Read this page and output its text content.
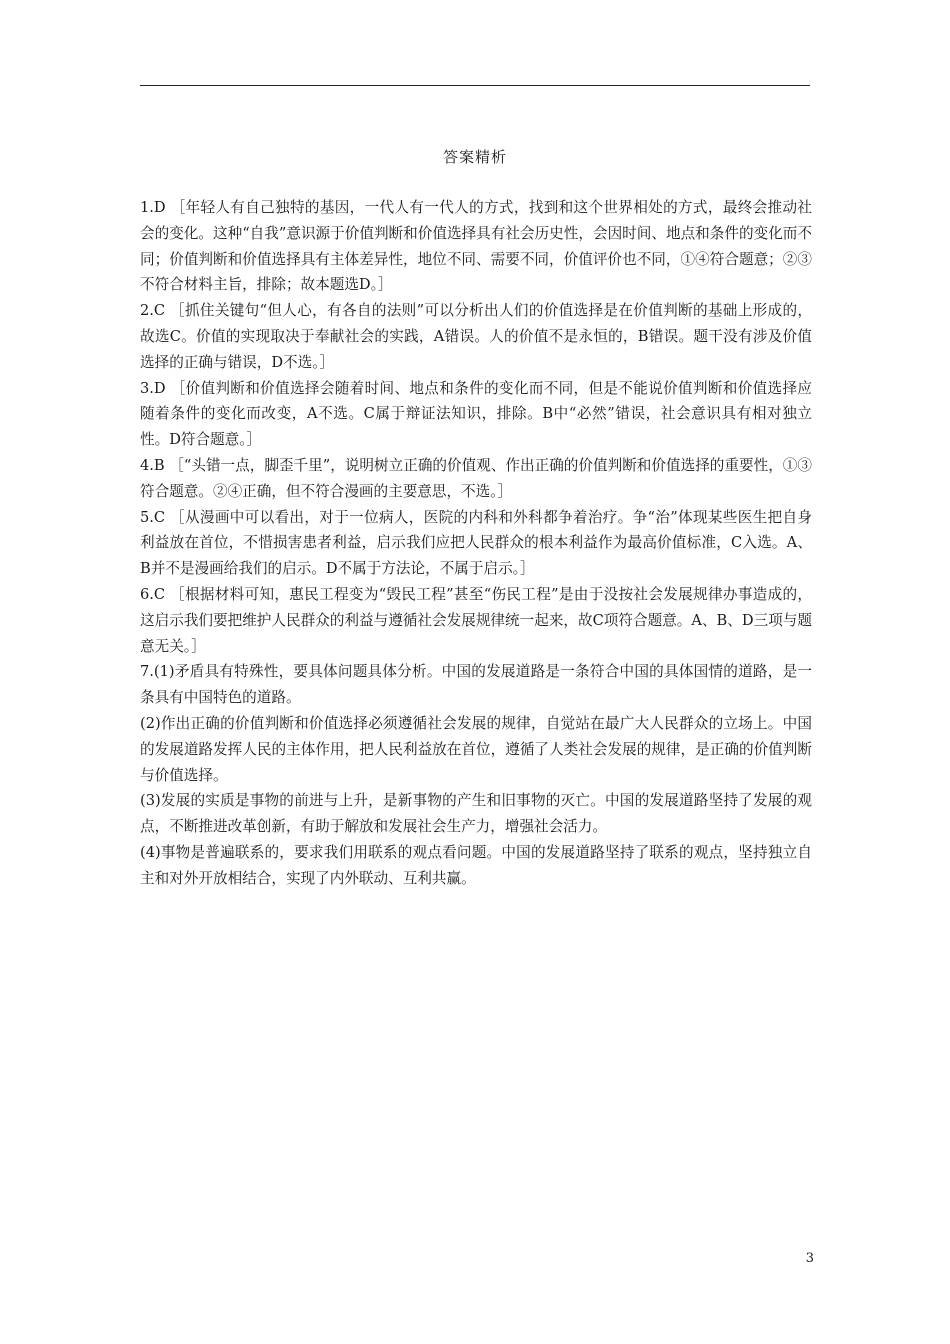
答案精析

1.D ［年轻人有自己独特的基因，一代人有一代人的方式，找到和这个世界相处的方式，最终会推动社会的变化。这种“自我”意识源于价值判断和价值选择具有社会历史性，会因时间、地点和条件的变化而不同；价值判断和价值选择具有主体差异性，地位不同、需要不同，价值评价也不同，①④符合题意；②③不符合材料主旨，排除；故本题选D。］

2.C ［抓住关键句“但人心，有各自的法则”可以分析出人们的价值选择是在价值判断的基础上形成的，故选C。价值的实现取决于奉献社会的实践，A错误。人的价值不是永恒的，B错误。题干没有涉及价值选择的正确与错误，D不选。］

3.D ［价值判断和价值选择会随着时间、地点和条件的变化而不同，但是不能说价值判断和价值选择应随着条件的变化而改变，A不选。C属于辩证法知识，排除。B中“必然”错误，社会意识具有相对独立性。D符合题意。］

4.B ［“头错一点，脚歪千里”，说明树立正确的价值观、作出正确的价值判断和价值选择的重要性，①③符合题意。②④正确，但不符合漫画的主要意思，不选。］

5.C ［从漫画中可以看出，对于一位病人，医院的内科和外科都争着治疗。争“治”体现某些医生把自身利益放在首位，不惜损害患者利益，启示我们应把人民群众的根本利益作为最高价值标准，C入选。A、B并不是漫画给我们的启示。D不属于方法论，不属于启示。］

6.C ［根据材料可知，惠民工程变为“毁民工程”甚至“伤民工程”是由于没按社会发展规律办事造成的，这启示我们要把维护人民群众的利益与遵循社会发展规律统一起来，故C项符合题意。A、B、D三项与题意无关。］

7.(1)矛盾具有特殊性，要具体问题具体分析。中国的发展道路是一条符合中国的具体国情的道路，是一条具有中国特色的道路。

(2)作出正确的价值判断和价值选择必须遵循社会发展的规律，自觉站在最广大人民群众的立场上。中国的发展道路发挥人民的主体作用，把人民利益放在首位，遵循了人类社会发展的规律，是正确的价值判断与价值选择。

(3)发展的实质是事物的前进与上升，是新事物的产生和旧事物的灭亡。中国的发展道路坚持了发展的观点，不断推进改革创新，有助于解放和发展社会生产力，增强社会活力。

(4)事物是普遍联系的，要求我们用联系的观点看问题。中国的发展道路坚持了联系的观点，坚持独立自主和对外开放相结合，实现了内外联动、互利共赢。

3
